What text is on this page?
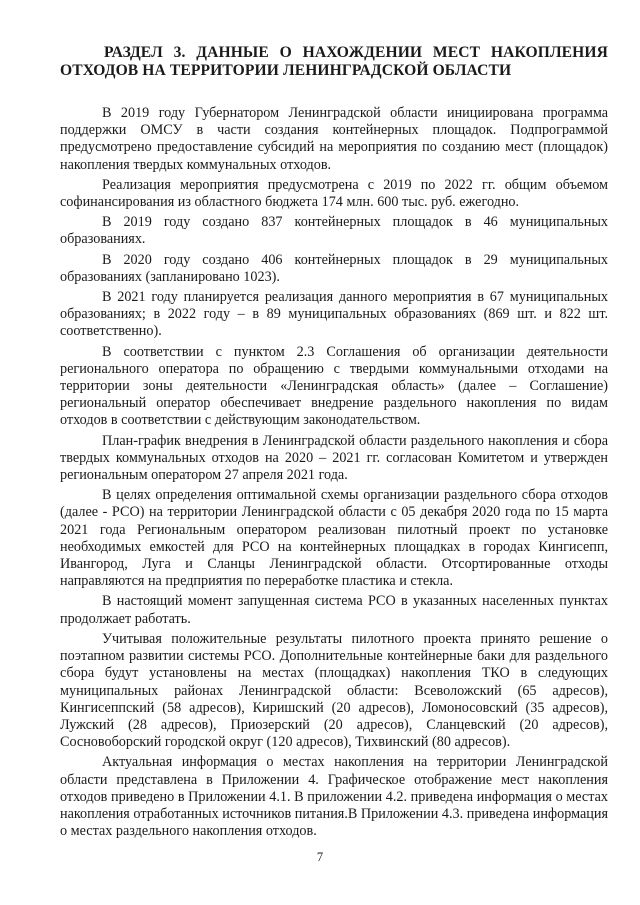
РАЗДЕЛ 3. ДАННЫЕ О НАХОЖДЕНИИ МЕСТ НАКОПЛЕНИЯ ОТХОДОВ НА ТЕРРИТОРИИ ЛЕНИНГРАДСКОЙ ОБЛАСТИ

В 2019 году Губернатором Ленинградской области инициирована программа поддержки ОМСУ в части создания контейнерных площадок. Подпрограммой предусмотрено предоставление субсидий на мероприятия по созданию мест (площадок) накопления твердых коммунальных отходов.

Реализация мероприятия предусмотрена с 2019 по 2022 гг. общим объемом софинансирования из областного бюджета 174 млн. 600 тыс. руб. ежегодно.

В 2019 году создано 837 контейнерных площадок в 46 муниципальных образованиях.

В 2020 году создано 406 контейнерных площадок в 29 муниципальных образованиях (запланировано 1023).

В 2021 году планируется реализация данного мероприятия в 67 муниципальных образованиях; в 2022 году – в 89 муниципальных образованиях (869 шт. и 822 шт. соответственно).

В соответствии с пунктом 2.3 Соглашения об организации деятельности регионального оператора по обращению с твердыми коммунальными отходами на территории зоны деятельности «Ленинградская область» (далее – Соглашение) региональный оператор обеспечивает внедрение раздельного накопления по видам отходов в соответствии с действующим законодательством.

План-график внедрения в Ленинградской области раздельного накопления и сбора твердых коммунальных отходов на 2020 – 2021 гг. согласован Комитетом и утвержден региональным оператором 27 апреля 2021 года.

В целях определения оптимальной схемы организации раздельного сбора отходов (далее - РСО) на территории Ленинградской области с 05 декабря 2020 года по 15 марта 2021 года Региональным оператором реализован пилотный проект по установке необходимых емкостей для РСО на контейнерных площадках в городах Кингисепп, Ивангород, Луга и Сланцы Ленинградской области. Отсортированные отходы направляются на предприятия по переработке пластика и стекла.

В настоящий момент запущенная система РСО в указанных населенных пунктах продолжает работать.

Учитывая положительные результаты пилотного проекта принято решение о поэтапном развитии системы РСО. Дополнительные контейнерные баки для раздельного сбора будут установлены на местах (площадках) накопления ТКО в следующих муниципальных районах Ленинградской области: Всеволожский (65 адресов), Кингисеппский (58 адресов), Киришский (20 адресов), Ломоносовский (35 адресов), Лужский (28 адресов), Приозерский (20 адресов), Сланцевский (20 адресов), Сосновоборский городской округ (120 адресов), Тихвинский (80 адресов).

Актуальная информация о местах накопления на территории Ленинградской области представлена в Приложении 4. Графическое отображение мест накопления отходов приведено в Приложении 4.1. В приложении 4.2. приведена информация о местах накопления отработанных источников питания.В Приложении 4.3. приведена информация о местах раздельного накопления отходов.

7
